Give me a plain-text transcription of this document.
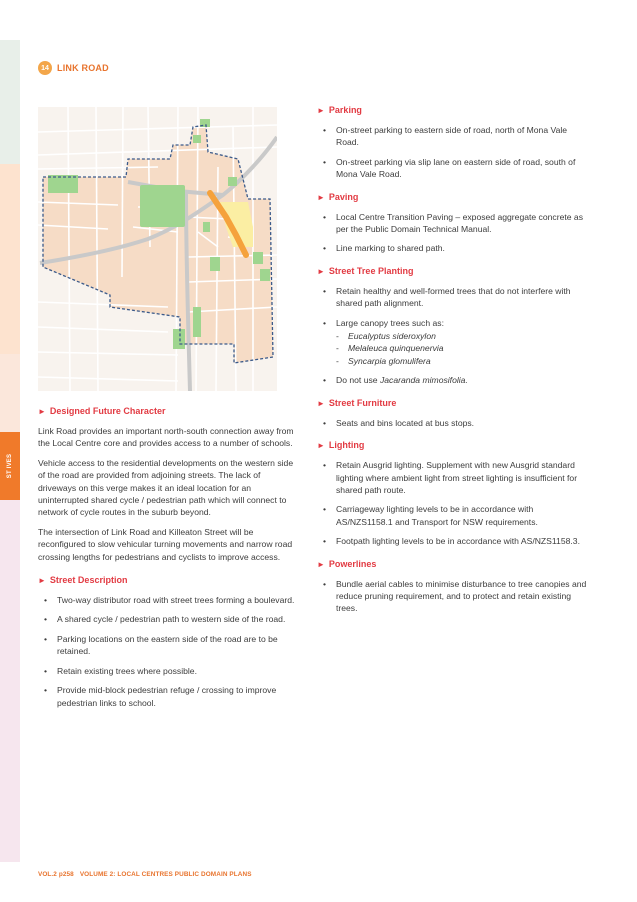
ST IVES
14 LINK ROAD
► Designed Future Character

Link Road provides an important north-south connection away from the Local Centre core and provides access to a number of schools.

Vehicle access to the residential developments on the western side of the road are provided from adjoining streets. The lack of driveways on this verge makes it an ideal location for an uninterrupted shared cycle / pedestrian path which will connect to network of cycle routes in the suburb beyond.

The intersection of Link Road and Killeaton Street will be reconfigured to slow vehicular turning movements and narrow road crossing lengths for pedestrians and cyclists to improve access.

► Street Description
• Two-way distributor road with street trees forming a boulevard.
• A shared cycle / pedestrian path to western side of the road.
• Parking locations on the eastern side of the road are to be retained.
• Retain existing trees where possible.
• Provide mid-block pedestrian refuge / crossing to improve pedestrian links to school.
► Parking
• On-street parking to eastern side of road, north of Mona Vale Road.
• On-street parking via slip lane on eastern side of road, south of Mona Vale Road.
► Paving
• Local Centre Transition Paving – exposed aggregate concrete as per the Public Domain Technical Manual.
• Line marking to shared path.
► Street Tree Planting
• Retain healthy and well-formed trees that do not interfere with shared path alignment.
• Large canopy trees such as:
- Eucalyptus sideroxylon
- Melaleuca quinquenervia
- Syncarpia glomulifera
• Do not use Jacaranda mimosifolia.
► Street Furniture
• Seats and bins located at bus stops.
► Lighting
• Retain Ausgrid lighting. Supplement with new Ausgrid standard lighting where ambient light from street lighting is insufficient for shared path route.
• Carriageway lighting levels to be in accordance with AS/NZS1158.1 and Transport for NSW requirements.
• Footpath lighting levels to be in accordance with AS/NZS1158.3.
► Powerlines
• Bundle aerial cables to minimise disturbance to tree canopies and reduce pruning requirement, and to protect and retain existing trees.
VOL.2 p258 VOLUME 2: LOCAL CENTRES PUBLIC DOMAIN PLANS
